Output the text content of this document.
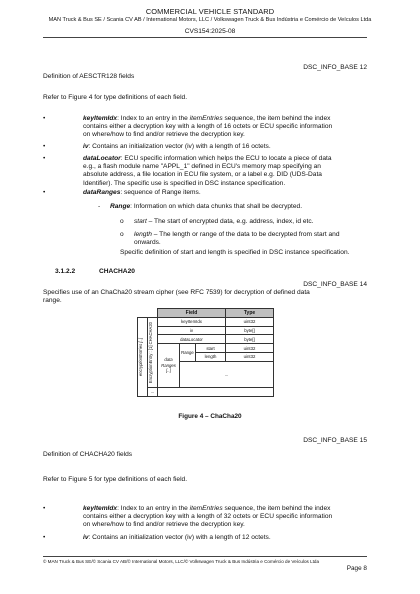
COMMERCIAL VEHICLE STANDARD
MAN Truck & Bus SE / Scania CV AB / International Motors, LLC / Volkswagen Truck & Bus Indústria e Comércio de Veículos Ltda
CVS154:2025-08
DSC_INFO_BASE 12
Definition of AESCTR128 fields
Refer to Figure 4 for type definitions of each field.
•	keyItemIdx: Index to an entry in the itemEntries sequence, the item behind the index
contains either a decryption key with a length of 16 octets or ECU specific information
on where/how to find and/or retrieve the decryption key.
•	iv: Contains an initialization vector (iv) with a length of 16 octets.
•	dataLocator: ECU specific information which helps the ECU to locate a piece of data
e.g., a flash module name "APPL_1" defined in ECU's memory map specifying an
absolute address, a file location in ECU file system, or a label e.g. DID (UDS-Data
Identifier). The specific use is specified in DSC instance specification.
•	dataRanges: sequence of Range items.
- Range: Information on which data chunks that shall be decrypted.
o start – The start of encrypted data, e.g. address, index, id etc.
o length – The length or range of the data to be decrypted from start and
onwards.
Specific definition of start and length is specified in DSC instance specification.
3.1.2.2	CHACHA20
DSC_INFO_BASE 14
Specifies use of an ChaCha20 stream cipher (see RFC 7539) for decryption of defined data
range.
		Field			Type

encryptionEntries [..]	EncryptionEntry : [1] CHACHA20	keyItemIdx			uint32
		iv			byte[]
		dataLocator			byte[]

		data
Ranges
[..]	Range	start	uint32
				length	uint32
			...		

	...				
Figure 4 – ChaCha20
DSC_INFO_BASE 15
Definition of CHACHA20 fields
Refer to Figure 5 for type definitions of each field.
•	keyItemIdx: Index to an entry in the itemEntries sequence, the item behind the index
contains either a decryption key with a length of 32 octets or ECU specific information
on where/how to find and/or retrieve the decryption key.
•	iv: Contains an initialization vector (iv) with a length of 12 octets.
© MAN Truck & Bus SE/© Scania CV AB/© International Motors, LLC/© Volkswagen Truck & Bus Indústria e Comércio de Veículos Ltda
Page 8
